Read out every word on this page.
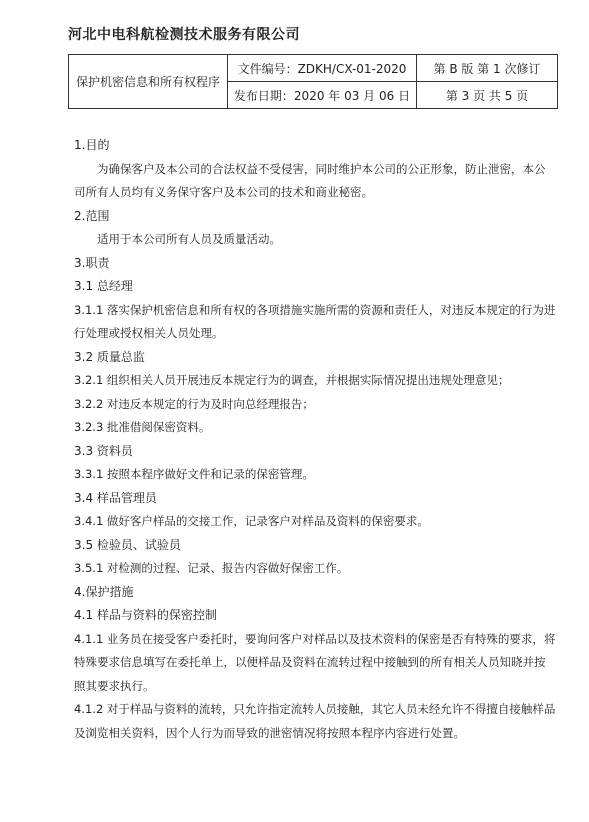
河北中电科航检测技术服务有限公司
保护机密信息和所有权程序	文件编号：ZDKH/CX-01-2020	第 B 版 第 1 次修订
	发布日期：2020 年 03 月 06 日	第 3 页 共 5 页

1.目的

为确保客户及本公司的合法权益不受侵害，同时维护本公司的公正形象，防止泄密，本公司所有人员均有义务保守客户及本公司的技术和商业秘密。

2.范围

适用于本公司所有人员及质量活动。

3.职责

3.1 总经理

3.1.1 落实保护机密信息和所有权的各项措施实施所需的资源和责任人，对违反本规定的行为进行处理或授权相关人员处理。

3.2 质量总监

3.2.1 组织相关人员开展违反本规定行为的调查，并根据实际情况提出违规处理意见；

3.2.2 对违反本规定的行为及时向总经理报告；

3.2.3 批准借阅保密资料。

3.3 资料员

3.3.1 按照本程序做好文件和记录的保密管理。

3.4 样品管理员

3.4.1 做好客户样品的交接工作，记录客户对样品及资料的保密要求。

3.5 检验员、试验员

3.5.1 对检测的过程、记录、报告内容做好保密工作。

4.保护措施

4.1 样品与资料的保密控制

4.1.1 业务员在接受客户委托时，要询问客户对样品以及技术资料的保密是否有特殊的要求，将特殊要求信息填写在委托单上，以便样品及资料在流转过程中接触到的所有相关人员知晓并按照其要求执行。

4.1.2 对于样品与资料的流转，只允许指定流转人员接触，其它人员未经允许不得擅自接触样品及浏览相关资料，因个人行为而导致的泄密情况将按照本程序内容进行处置。
